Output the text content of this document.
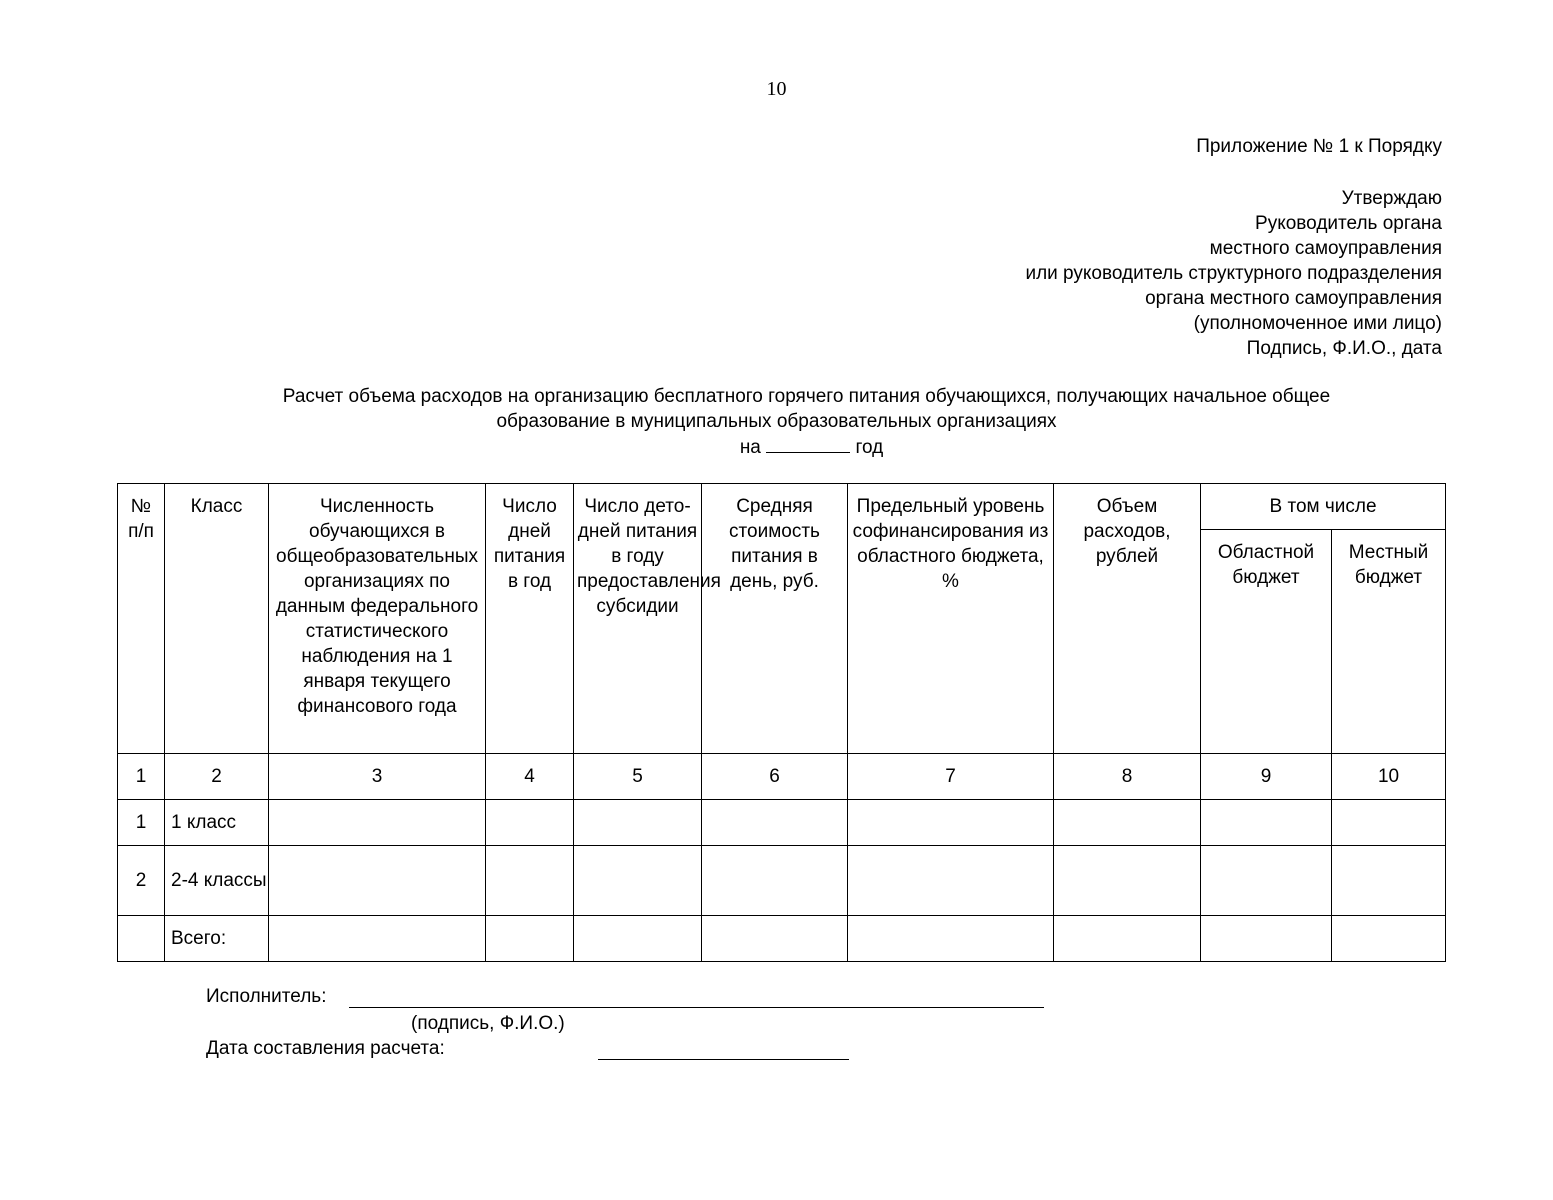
10
Приложение № 1 к Порядку
Утверждаю
Руководитель органа
местного самоуправления
или руководитель структурного подразделения
органа местного самоуправления
(уполномоченное ими лицо)
Подпись, Ф.И.О., дата
Расчет объема расходов на организацию бесплатного горячего питания обучающихся, получающих начальное общее
образование в муниципальных образовательных организациях
на	год
№ п/п	Класс	Численность обучающихся в общеобразовательных организациях по данным федерального статистического наблюдения на 1 января текущего финансового года	Число дней питания в год	Число дето-дней питания в году предоставления субсидии	Средняя стоимость питания в день, руб.	Предельный уровень софинансирования из областного бюджета, %	Объем расходов, рублей	В том числе	
								Областной бюджет	Местный бюджет
1	2	3	4	5	6	7	8	9	10
1	1 класс								
2	2-4 классы								
	Всего:								
Исполнитель:
(подпись, Ф.И.О.)
Дата составления расчета:
